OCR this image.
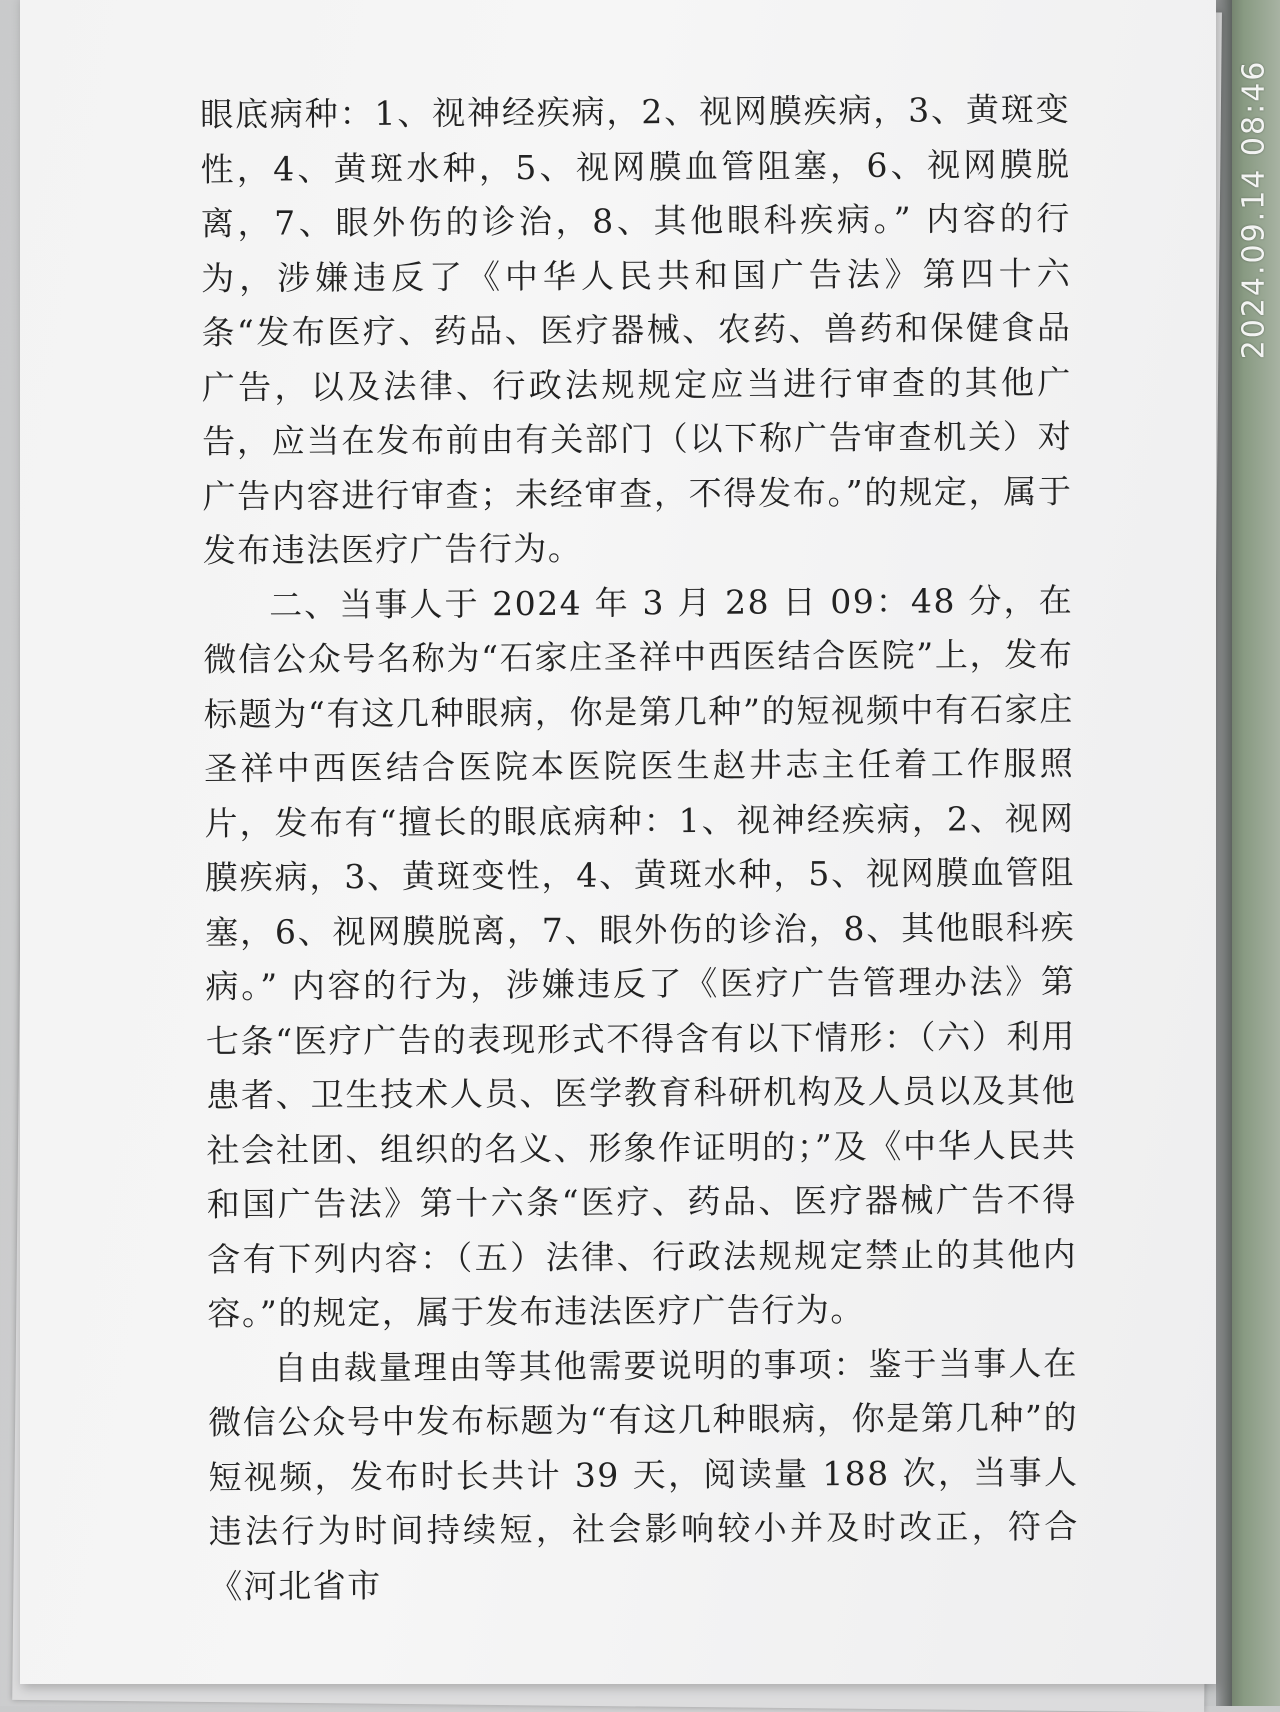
眼底病种：1、视神经疾病，2、视网膜疾病，3、黄斑变性，4、黄斑水种，5、视网膜血管阻塞，6、视网膜脱离，7、眼外伤的诊治，8、其他眼科疾病。” 内容的行为，涉嫌违反了《中华人民共和国广告法》第四十六条“发布医疗、药品、医疗器械、农药、兽药和保健食品广告，以及法律、行政法规规定应当进行审查的其他广告，应当在发布前由有关部门（以下称广告审查机关）对广告内容进行审查；未经审查，不得发布。”的规定，属于发布违法医疗广告行为。

二、当事人于 2024 年 3 月 28 日 09：48 分，在微信公众号名称为“石家庄圣祥中西医结合医院”上，发布标题为“有这几种眼病，你是第几种”的短视频中有石家庄圣祥中西医结合医院本医院医生赵井志主任着工作服照片，发布有“擅长的眼底病种：1、视神经疾病，2、视网膜疾病，3、黄斑变性，4、黄斑水种，5、视网膜血管阻塞，6、视网膜脱离，7、眼外伤的诊治，8、其他眼科疾病。” 内容的行为，涉嫌违反了《医疗广告管理办法》第七条“医疗广告的表现形式不得含有以下情形：（六）利用患者、卫生技术人员、医学教育科研机构及人员以及其他社会社团、组织的名义、形象作证明的；”及《中华人民共和国广告法》第十六条“医疗、药品、医疗器械广告不得含有下列内容：（五）法律、行政法规规定禁止的其他内容。”的规定，属于发布违法医疗广告行为。

自由裁量理由等其他需要说明的事项：鉴于当事人在微信公众号中发布标题为“有这几种眼病，你是第几种”的短视频，发布时长共计 39 天，阅读量 188 次，当事人违法行为时间持续短，社会影响较小并及时改正，符合《河北省市

2024.09.14 08:46
